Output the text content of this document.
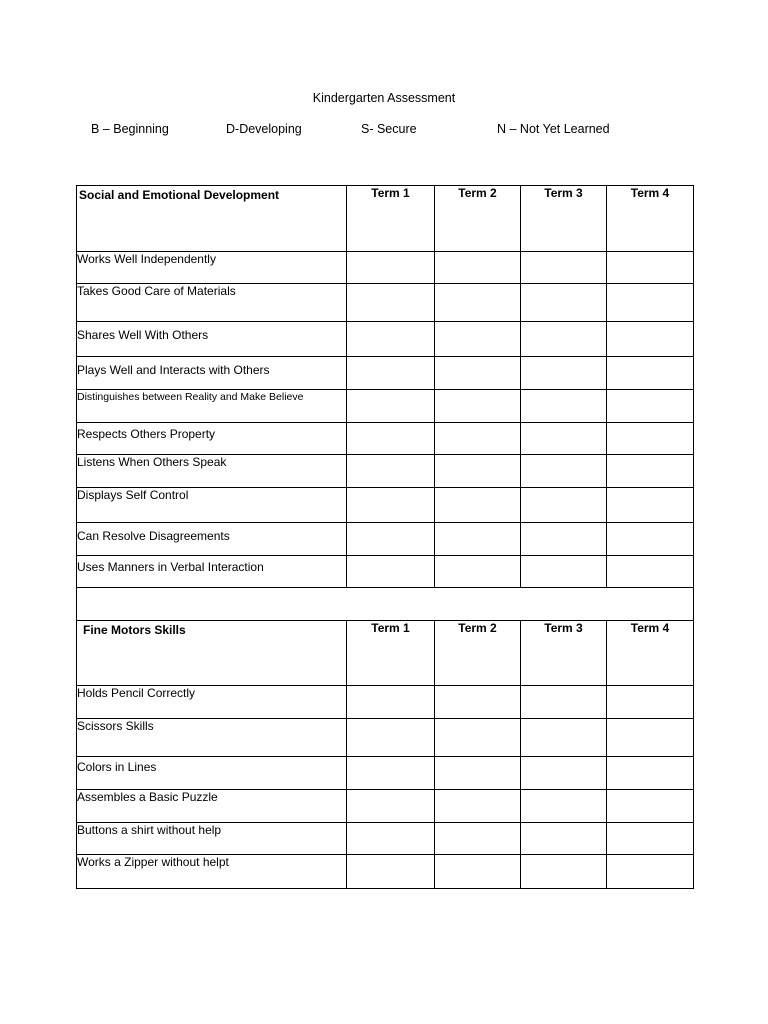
Kindergarten Assessment
B – Beginning	D-Developing	S- Secure	N – Not Yet Learned
Social and Emotional Development	Term 1	Term 2	Term 3	Term 4
Works Well Independently				
Takes Good Care of Materials				
Shares Well With Others				
Plays Well and Interacts with Others				
Distinguishes between Reality and Make Believe				
Respects Others Property				
Listens When Others Speak				
Displays Self Control				
Can Resolve Disagreements				
Uses Manners in Verbal Interaction				

Fine Motors Skills	Term 1	Term 2	Term 3	Term 4
Holds Pencil Correctly				
Scissors Skills				
Colors in Lines				
Assembles a Basic Puzzle				
Buttons a shirt without help				
Works a Zipper without helpt				
